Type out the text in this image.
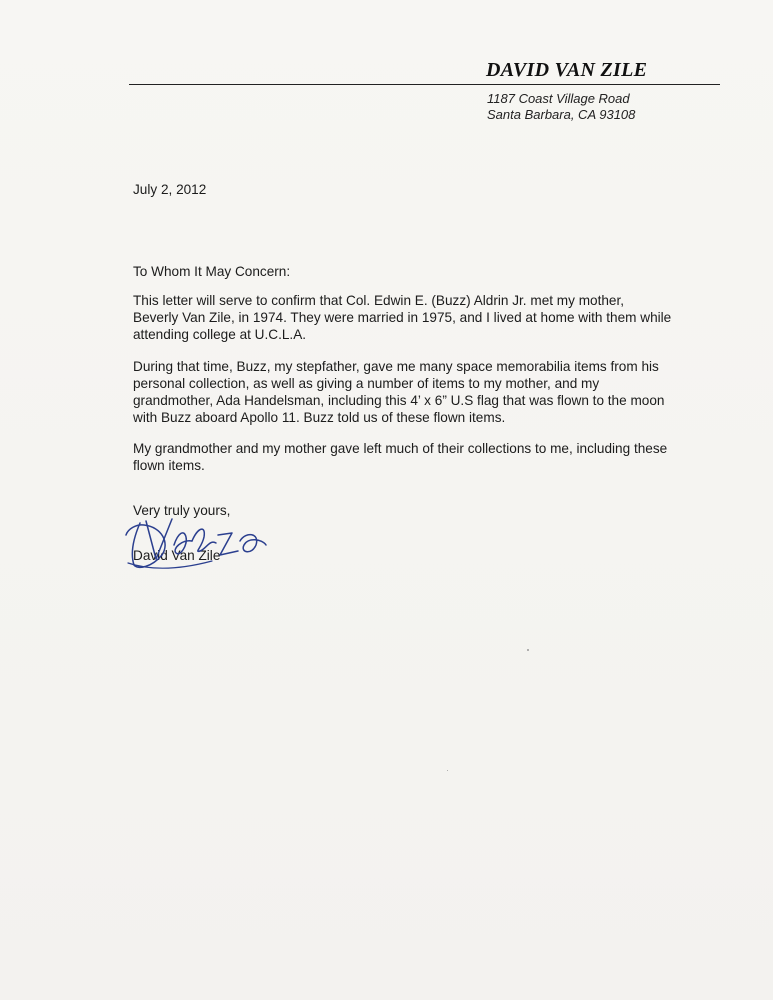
DAVID VAN ZILE
1187 Coast Village Road
Santa Barbara, CA 93108
July 2, 2012
To Whom It May Concern:

This letter will serve to confirm that Col. Edwin E. (Buzz) Aldrin Jr. met my mother, Beverly Van Zile, in 1974. They were married in 1975, and I lived at home with them while attending college at U.C.L.A.

During that time, Buzz, my stepfather, gave me many space memorabilia items from his personal collection, as well as giving a number of items to my mother, and my grandmother, Ada Handelsman, including this 4’ x 6” U.S flag that was flown to the moon with Buzz aboard Apollo 11. Buzz told us of these flown items.

My grandmother and my mother gave left much of their collections to me, including these flown items.

Very truly yours,
David Van Zile
